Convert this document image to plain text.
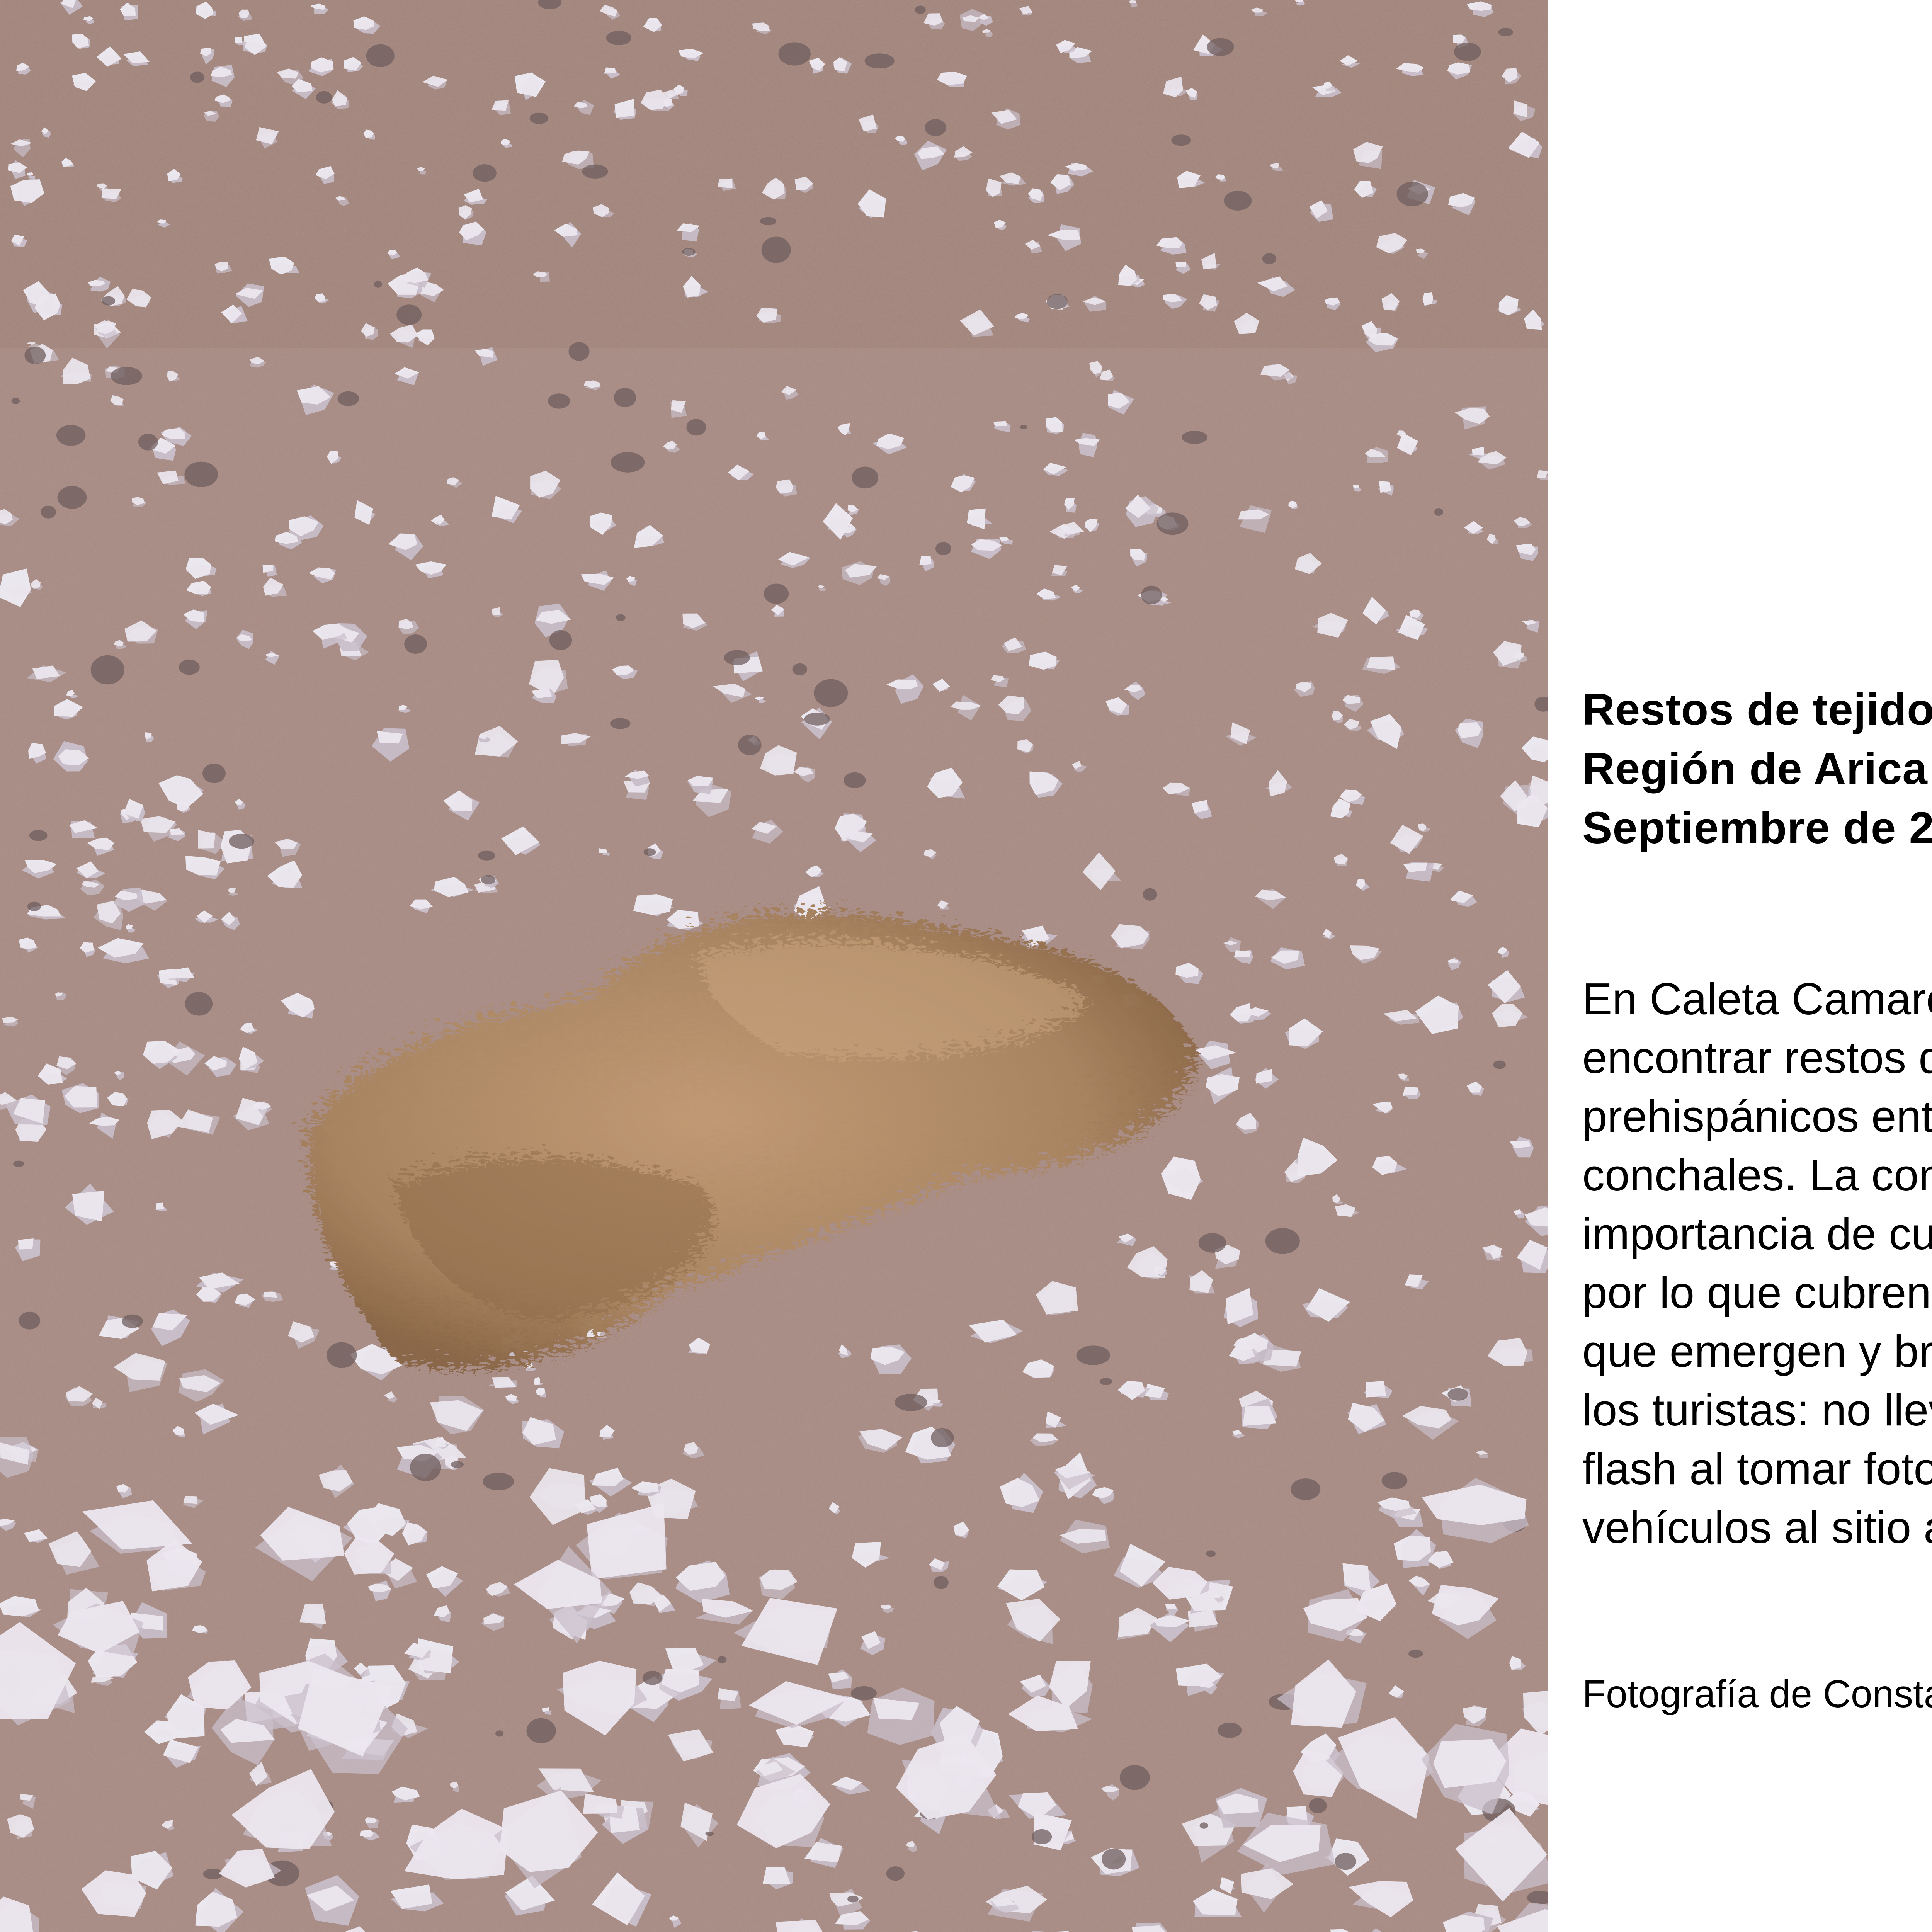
Restos de tejido
Región de Arica
Septiembre de 2

En Caleta Camar
encontrar restos d
prehispánicos ent
conchales. La co
importancia de cu
por lo que cubren
que emergen y br
los turistas: no lle
flash al tomar foto
vehículos al sitio

Fotografía de Const
